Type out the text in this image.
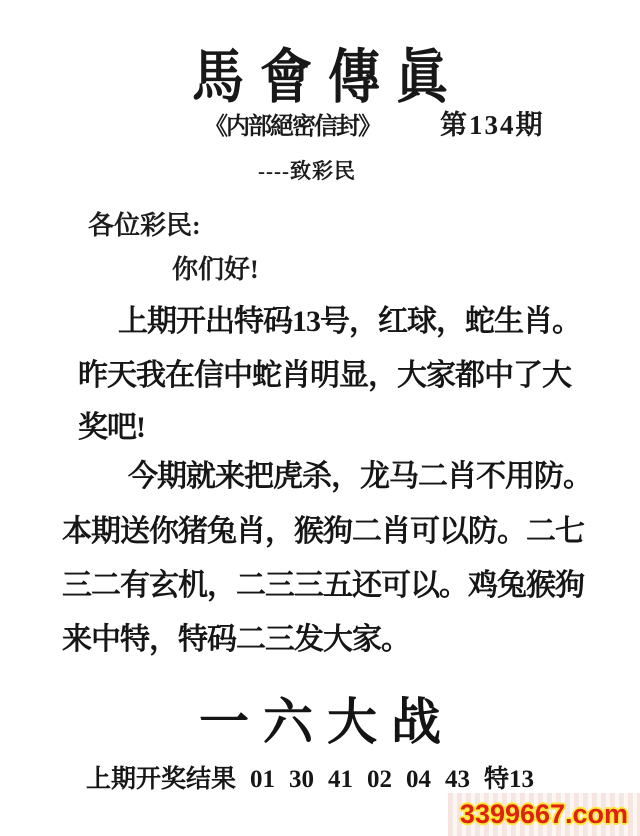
馬會傳眞
《内部絕密信封》 第134期
----致彩民
各位彩民:
你们好!
上期开出特码13号，红球，蛇生肖。
昨天我在信中蛇肖明显，大家都中了大
奖吧!
今期就来把虎杀，龙马二肖不用防。
本期送你猪兔肖，猴狗二肖可以防。二七
三二有玄机，二三三五还可以。鸡兔猴狗
来中特，特码二三发大家。
一六大战
上期开奖结果 01 30 41 02 04 43 特13
3399667.com
